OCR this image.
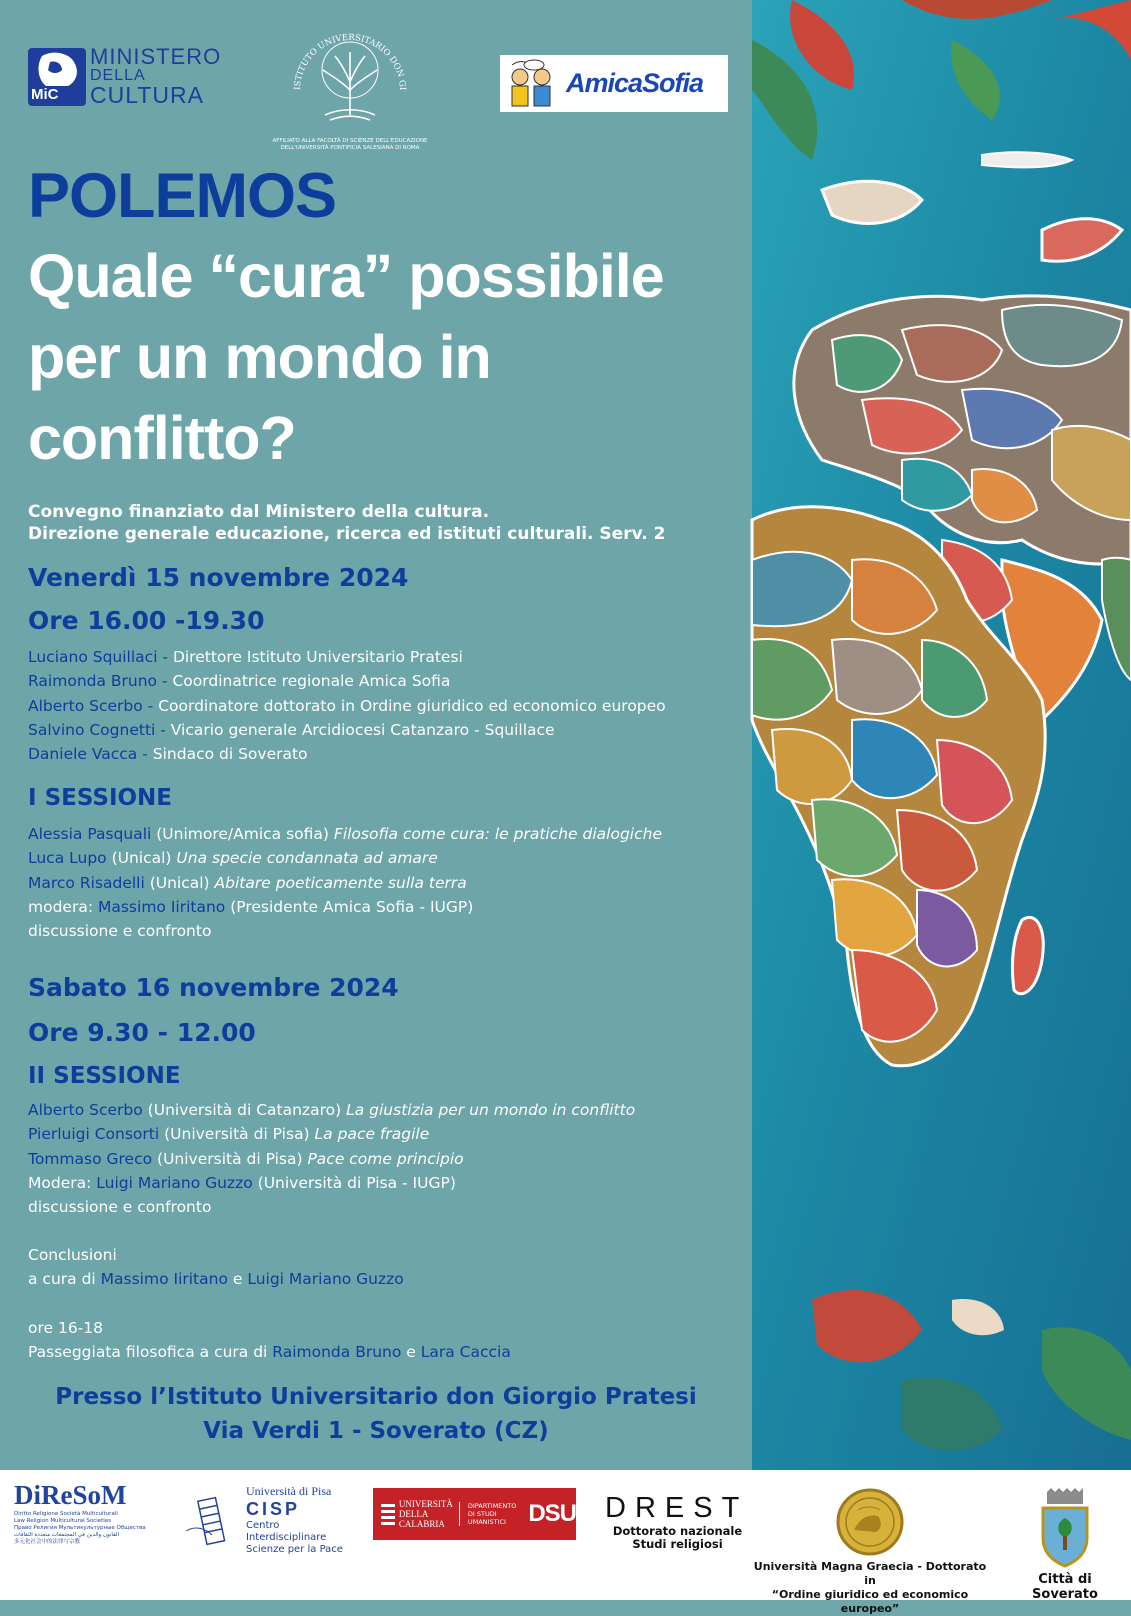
MiC
MINISTERO
DELLA
CULTURA	ISTITUTO UNIVERSITARIO DON GI
AFFILIATO ALLA FACOLTÀ DI SCIENZE DELL'EDUCAZIONE DELL'UNIVERSITÀ PONTIFICIA SALESIANA DI ROMA
AmicaSofia
POLEMOS
Quale “cura” possibile
per un mondo in
conflitto?
Convegno finanziato dal Ministero della cultura.
Direzione generale educazione, ricerca ed istituti culturali. Serv. 2
Venerdì 15 novembre 2024
Ore 16.00 -19.30
Luciano Squillaci - Direttore Istituto Universitario Pratesi
Raimonda Bruno - Coordinatrice regionale Amica Sofia
Alberto Scerbo - Coordinatore dottorato in Ordine giuridico ed economico europeo
Salvino Cognetti - Vicario generale Arcidiocesi Catanzaro - Squillace
Daniele Vacca - Sindaco di Soverato
I SESSIONE
Alessia Pasquali (Unimore/Amica sofia) Filosofia come cura: le pratiche dialogiche
Luca Lupo (Unical) Una specie condannata ad amare
Marco Risadelli (Unical) Abitare poeticamente sulla terra
modera: Massimo Iiritano (Presidente Amica Sofia - IUGP)
discussione e confronto
Sabato 16 novembre 2024
Ore 9.30 - 12.00
II SESSIONE
Alberto Scerbo (Università di Catanzaro) La giustizia per un mondo in conflitto
Pierluigi Consorti (Università di Pisa) La pace fragile
Tommaso Greco (Università di Pisa) Pace come principio
Modera: Luigi Mariano Guzzo (Università di Pisa - IUGP)
discussione e confronto
Conclusioni
a cura di Massimo Iiritano e Luigi Mariano Guzzo
ore 16-18
Passeggiata filosofica a cura di Raimonda Bruno e Lara Caccia
Presso l’Istituto Universitario don Giorgio Pratesi
Via Verdi 1 - Soverato (CZ)
DiReSoM
Diritto Religione Società Multiculturali
Law Religion Multicultural Societies
Право Религия Мультикультурные Общества
القانون والدين في المجتمعات متعددة الثقافات
多元化社会中的法律与宗教
Università di Pisa
CISP
Centro Interdisciplinare
Scienze per la Pace
UNIVERSITÀ
DELLA
CALABRIA
DIPARTIMENTO
DI STUDI
UMANISTICI DSU DREST
Dottorato nazionale
Studi religiosi
Università Magna Graecia - Dottorato in
“Ordine giuridico ed economico europeo”
Città di Soverato
